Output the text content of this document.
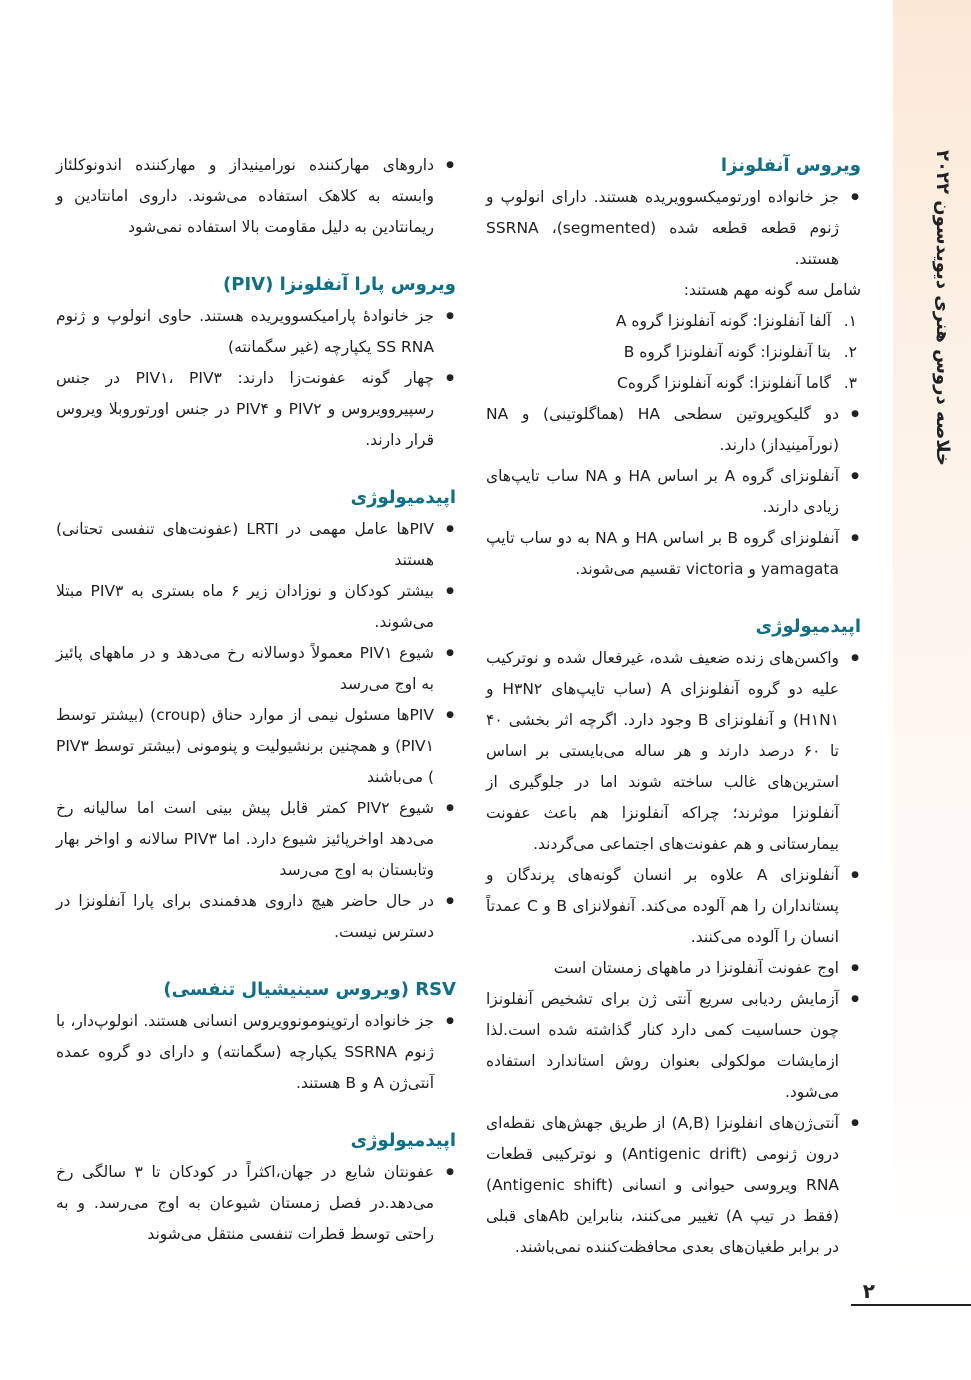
خلاصه دروس هنری دیویدسون ۲۰۲۲
ویروس آنفلونزا
● جز خانواده اورتومیکسوویریده هستند. دارای انولوپ و ژنوم قطعه قطعه شده SSRNA ،(segmented) هستند.

شامل سه گونه مهم هستند:

۱.
آلفا آنفلونزا: گونه آنفلونزا گروه A
۲.
بتا آنفلونزا: گونه آنفلونزا گروه B
۳.
گاما آنفلونزا: گونه آنفلونزا گروهC
● دو گلیکوپروتین سطحی HA (هماگلوتینی) و NA (نورآمینیداز) دارند.
● آنفلونزای گروه A بر اساس HA و NA ساب تایپ‌های زیادی دارند.
● آنفلونزای گروه B بر اساس HA و NA به دو ساب تایپ yamagata و victoria تقسیم می‌شوند.
اپیدمیولوژی
● واکسن‌های زنده ضعیف شده، غیرفعال شده و نوترکیب علیه دو گروه آنفلونزای A (ساب تایپ‌های H۳N۲ و H۱N۱) و آنفلونزای B وجود دارد. اگرچه اثر بخشی ۴۰ تا ۶۰ درصد دارند و هر ساله می‌بایستی بر اساس استرین‌های غالب ساخته شوند اما در جلوگیری از آنفلونزا موثرند؛ چراکه آنفلونزا هم باعث عفونت بیمارستانی و هم عفونت‌های اجتماعی می‌گردند.
● آنفلونزای A علاوه بر انسان گونه‌های پرندگان و پستانداران را هم آلوده می‌کند. آنفولانزای B و C عمدتاً انسان را آلوده می‌کنند.
● اوج عفونت آنفلونزا در ماههای زمستان است
● آزمایش ردیابی سریع آنتی ژن برای تشخیص آنفلونزا چون حساسیت کمی دارد کنار گذاشته شده است.لذا ازمایشات مولکولی بعنوان روش استاندارد استفاده می‌شود.
● آنتی‌ژن‌های انفلونزا (A,B) از طریق جهش‌های نقطه‌ای درون ژنومی (Antigenic drift) و نوترکیبی قطعات RNA ویروسی حیوانی و انسانی (Antigenic shift) (فقط در تیپ A) تغییر می‌کنند، بنابراین Abهای قبلی در برابر طغیان‌های بعدی محافظت‌کننده نمی‌باشند.
● داروهای مهارکننده نورامینیداز و مهارکننده اندونوکلئاز وابسته به کلاهک استفاده می‌شوند. داروی امانتادین و ریمانتادین به دلیل مقاومت بالا استفاده نمی‌شود
ویروس پارا آنفلونزا (PIV)
● جز خانوادهٔ پارامیکسوویریده هستند. حاوی انولوپ و ژنوم SS RNA یکپارچه (غیر سگمانته)
● چهار گونه عفونت‌زا دارند: PIV۱، PIV۳ در جنس رسپیروویروس و PIV۲ و PIV۴ در جنس اورتوروبلا ویروس قرار دارند.
اپیدمیولوژی
● PIVها عامل مهمی در LRTI (عفونت‌های تنفسی تحتانی) هستند
● بیشتر کودکان و نوزادان زیر ۶ ماه بستری به PIV۳ مبتلا می‌شوند.
● شیوع PIV۱ معمولاً دوسالانه رخ می‌دهد و در ماههای پائیز به اوج می‌رسد
● PIVها مسئول نیمی از موارد حناق (croup) (بیشتر توسط PIV۱) و همچنین برنشیولیت و پنومونی (بیشتر توسط PIV۳ ) می‌باشند
● شیوع PIV۲ کمتر قابل پیش بینی است اما سالیانه رخ می‌دهد اواخرپائیز شیوع دارد. اما PIV۳ سالانه و اواخر بهار وتابستان به اوج می‌رسد
● در حال حاضر هیچ داروی هدفمندی برای پارا آنفلونزا در دسترس نیست.
RSV (ویروس سینیشیال تنفسی)
● جز خانواده ارتوپنومونوویروس انسانی هستند. انولوپ‌دار، با ژنوم SSRNA یکپارچه (سگمانته) و دارای دو گروه عمده آنتی‌ژن A و B هستند.
اپیدمیولوژی
● عفونتان شایع در جهان،اکثراً در کودکان تا ۳ سالگی رخ می‌دهد.در فصل زمستان شیوعان به اوج می‌رسد. و به راحتی توسط قطرات تنفسی منتقل می‌شوند
۲
